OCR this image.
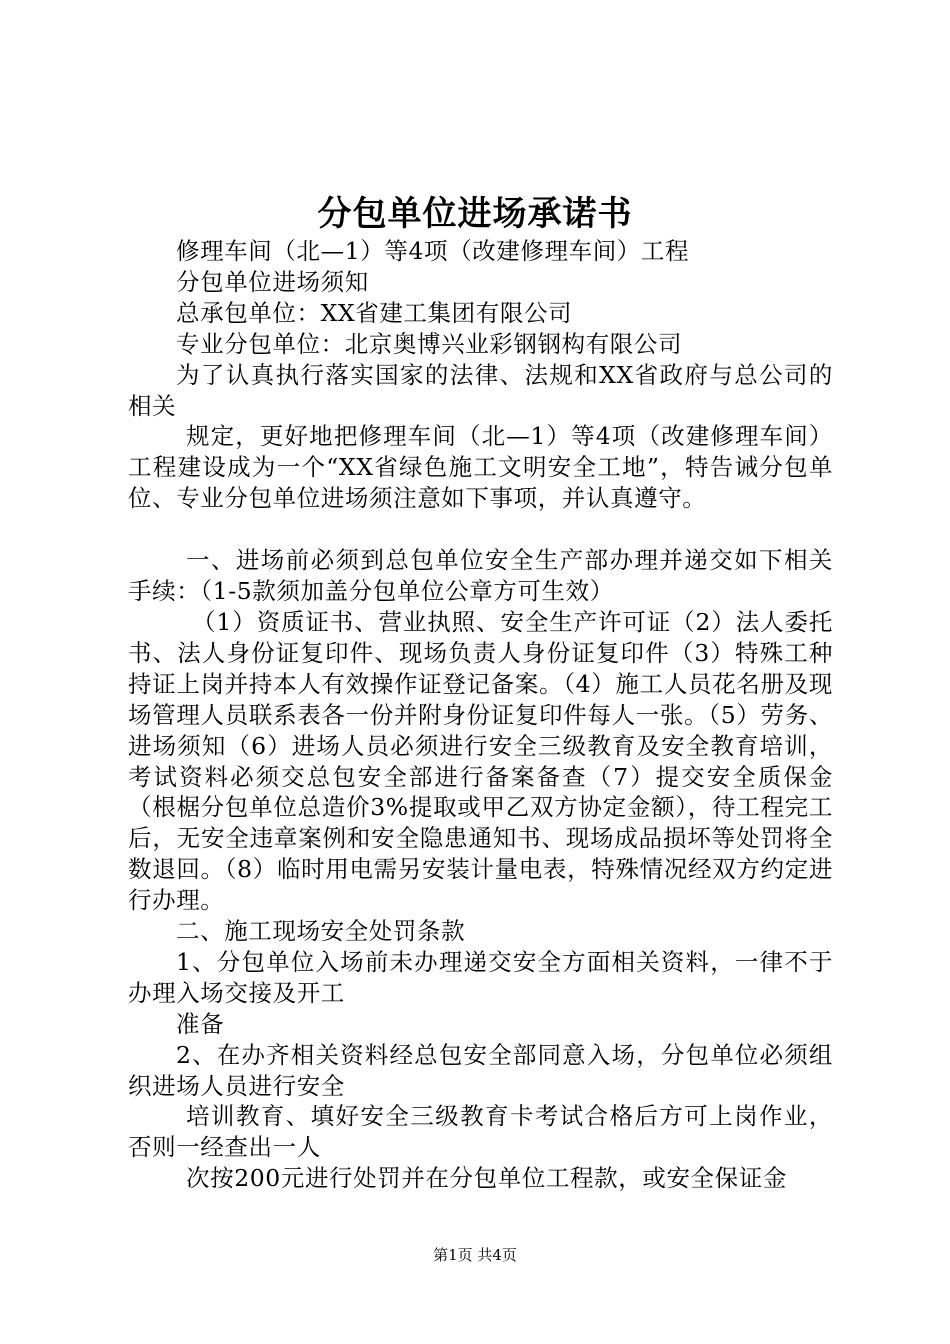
分包单位进场承诺书

修理车间（北—1）等4项（改建修理车间）工程

分包单位进场须知

总承包单位：XX省建工集团有限公司

专业分包单位：北京奥博兴业彩钢钢构有限公司

为了认真执行落实国家的法律、法规和XX省政府与总公司的相关

规定，更好地把修理车间（北—1）等4项（改建修理车间）工程建设成为一个“XX省绿色施工文明安全工地”，特告诫分包单位、专业分包单位进场须注意如下事项，并认真遵守。

一、进场前必须到总包单位安全生产部办理并递交如下相关手续：（1-5款须加盖分包单位公章方可生效）

（1）资质证书、营业执照、安全生产许可证（2）法人委托书、法人身份证复印件、现场负责人身份证复印件（3）特殊工种持证上岗并持本人有效操作证登记备案。（4）施工人员花名册及现场管理人员联系表各一份并附身份证复印件每人一张。（5）劳务、进场须知（6）进场人员必须进行安全三级教育及安全教育培训，考试资料必须交总包安全部进行备案备查（7）提交安全质保金（根椐分包单位总造价3%提取或甲乙双方协定金额），待工程完工后，无安全违章案例和安全隐患通知书、现场成品损坏等处罚将全数退回。（8）临时用电需另安装计量电表，特殊情况经双方约定进行办理。

二、施工现场安全处罚条款

1、分包单位入场前未办理递交安全方面相关资料，一律不于办理入场交接及开工

准备

2、在办齐相关资料经总包安全部同意入场，分包单位必须组织进场人员进行安全

培训教育、填好安全三级教育卡考试合格后方可上岗作业，否则一经查出一人

次按200元进行处罚并在分包单位工程款，或安全保证金

第1页 共4页
